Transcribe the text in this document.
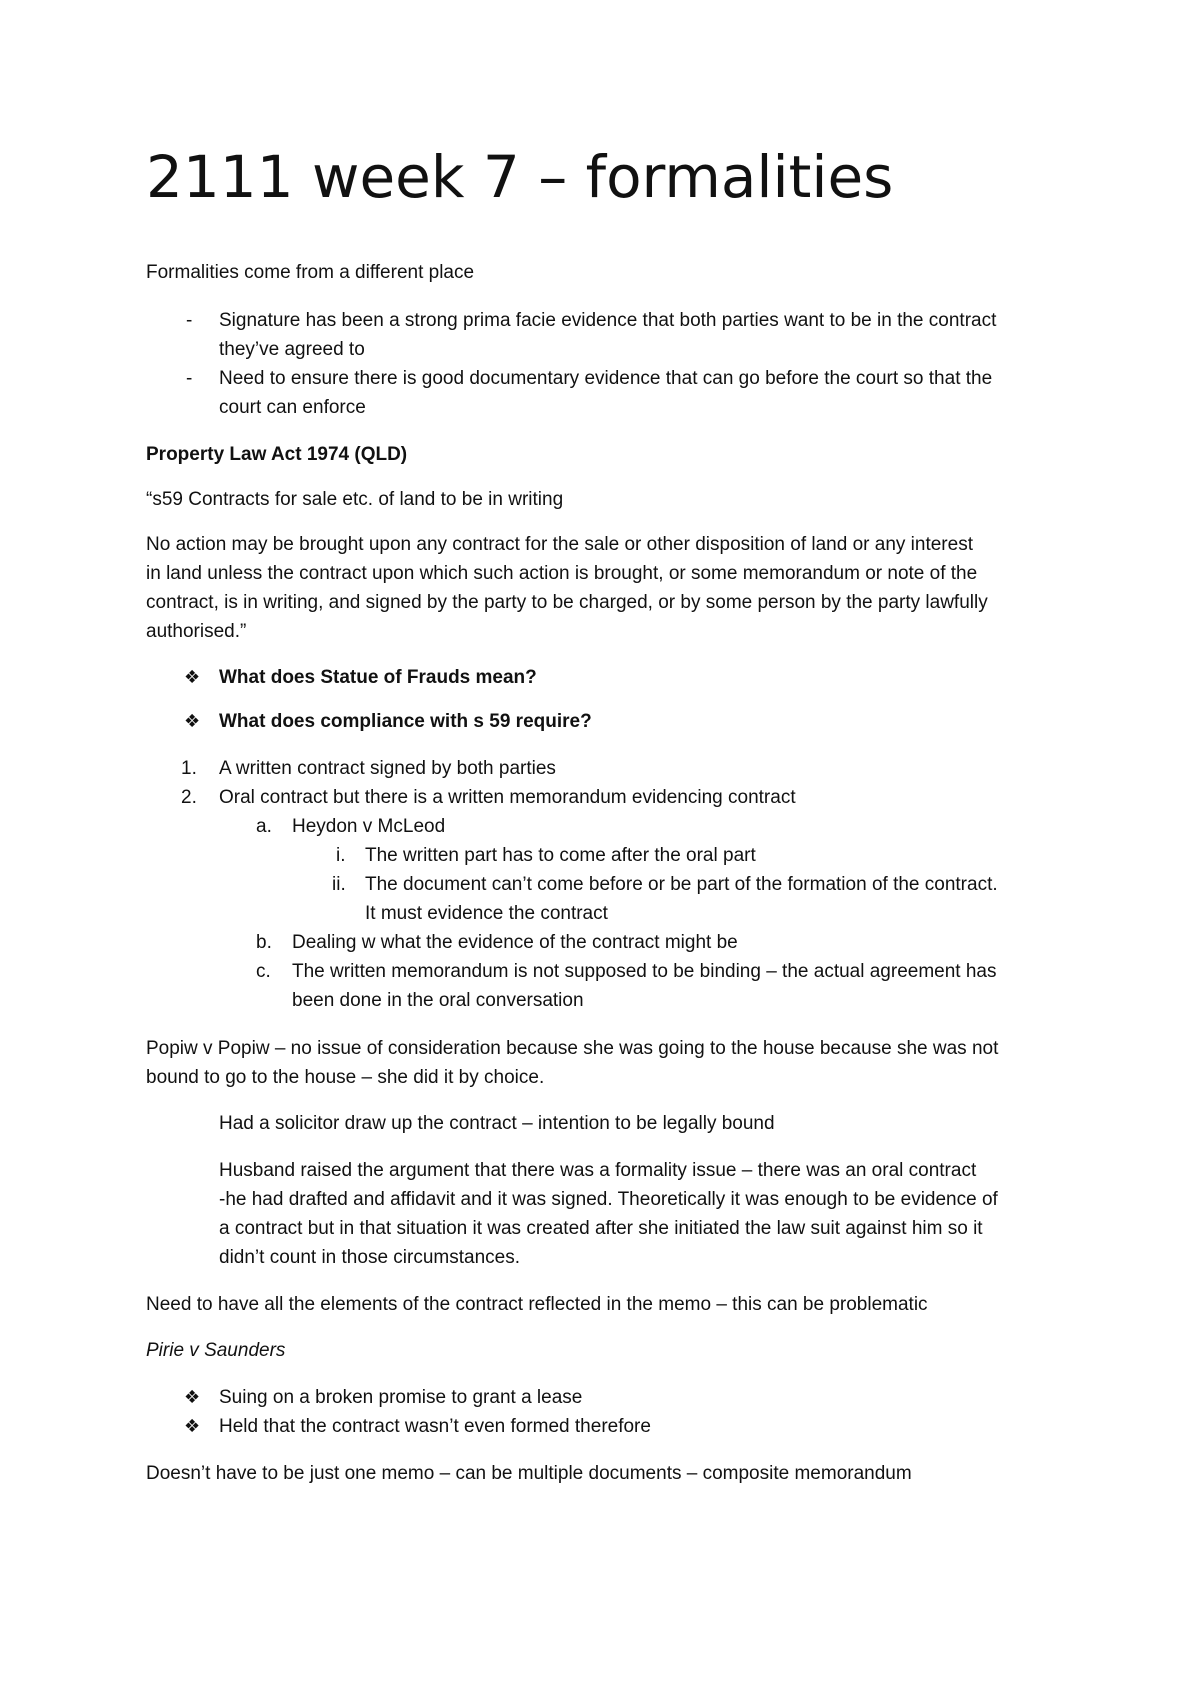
2111 week 7 – formalities

Formalities come from a different place

- Signature has been a strong prima facie evidence that both parties want to be in the contract

they’ve agreed to

- Need to ensure there is good documentary evidence that can go before the court so that the

court can enforce

Property Law Act 1974 (QLD)

“s59 Contracts for sale etc. of land to be in writing

No action may be brought upon any contract for the sale or other disposition of land or any interest

in land unless the contract upon which such action is brought, or some memorandum or note of the

contract, is in writing, and signed by the party to be charged, or by some person by the party lawfully

authorised.”

❖ What does Statue of Frauds mean?

❖ What does compliance with s 59 require?

1. A written contract signed by both parties

2. Oral contract but there is a written memorandum evidencing contract

a. Heydon v McLeod

i. The written part has to come after the oral part

ii. The document can’t come before or be part of the formation of the contract.

It must evidence the contract

b. Dealing w what the evidence of the contract might be

c. The written memorandum is not supposed to be binding – the actual agreement has

been done in the oral conversation

Popiw v Popiw – no issue of consideration because she was going to the house because she was not

bound to go to the house – she did it by choice.

Had a solicitor draw up the contract – intention to be legally bound

Husband raised the argument that there was a formality issue – there was an oral contract

-he had drafted and affidavit and it was signed. Theoretically it was enough to be evidence of

a contract but in that situation it was created after she initiated the law suit against him so it

didn’t count in those circumstances.

Need to have all the elements of the contract reflected in the memo – this can be problematic

Pirie v Saunders

❖ Suing on a broken promise to grant a lease

❖ Held that the contract wasn’t even formed therefore

Doesn’t have to be just one memo – can be multiple documents – composite memorandum
